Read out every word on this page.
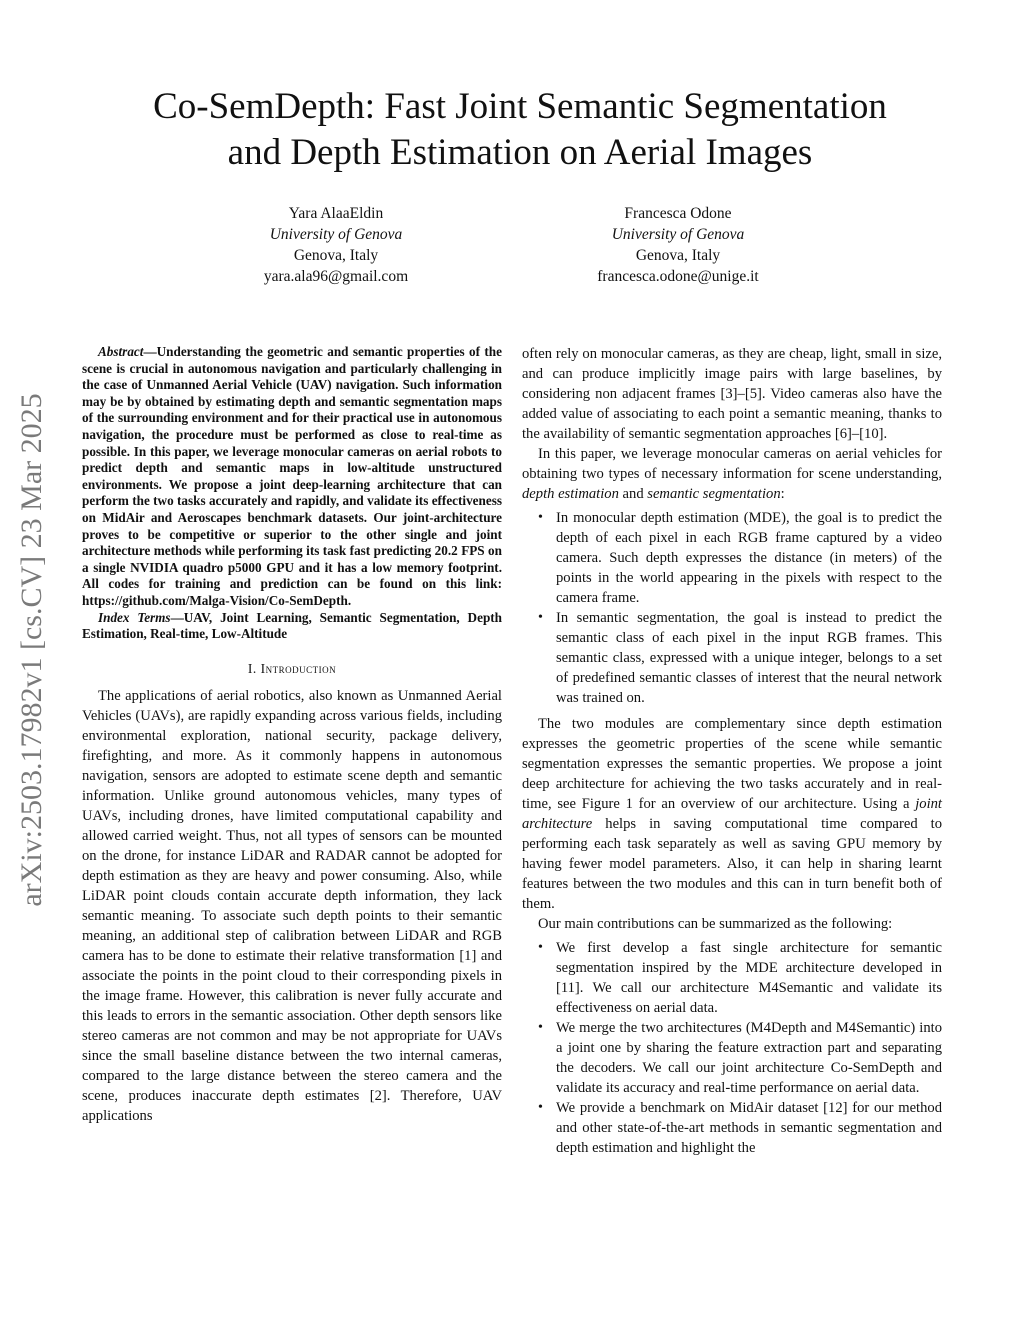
Co-SemDepth: Fast Joint Semantic Segmentation
and Depth Estimation on Aerial Images
Yara AlaaEldin
University of Genova
Genova, Italy
yara.ala96@gmail.com
Francesca Odone
University of Genova
Genova, Italy
francesca.odone@unige.it
arXiv:2503.17982v1 [cs.CV] 23 Mar 2025

Abstract—Understanding the geometric and semantic properties of the scene is crucial in autonomous navigation and particularly challenging in the case of Unmanned Aerial Vehicle (UAV) navigation. Such information may be by obtained by estimating depth and semantic segmentation maps of the surrounding environment and for their practical use in autonomous navigation, the procedure must be performed as close to real-time as possible. In this paper, we leverage monocular cameras on aerial robots to predict depth and semantic maps in low-altitude unstructured environments. We propose a joint deep-learning architecture that can perform the two tasks accurately and rapidly, and validate its effectiveness on MidAir and Aeroscapes benchmark datasets. Our joint-architecture proves to be competitive or superior to the other single and joint architecture methods while performing its task fast predicting 20.2 FPS on a single NVIDIA quadro p5000 GPU and it has a low memory footprint. All codes for training and prediction can be found on this link: https://github.com/Malga-Vision/Co-SemDepth.

Index Terms—UAV, Joint Learning, Semantic Segmentation, Depth Estimation, Real-time, Low-Altitude

I. Introduction

The applications of aerial robotics, also known as Unmanned Aerial Vehicles (UAVs), are rapidly expanding across various fields, including environmental exploration, national security, package delivery, firefighting, and more. As it commonly happens in autonomous navigation, sensors are adopted to estimate scene depth and semantic information. Unlike ground autonomous vehicles, many types of UAVs, including drones, have limited computational capability and allowed carried weight. Thus, not all types of sensors can be mounted on the drone, for instance LiDAR and RADAR cannot be adopted for depth estimation as they are heavy and power consuming. Also, while LiDAR point clouds contain accurate depth information, they lack semantic meaning. To associate such depth points to their semantic meaning, an additional step of calibration between LiDAR and RGB camera has to be done to estimate their relative transformation [1] and associate the points in the point cloud to their corresponding pixels in the image frame. However, this calibration is never fully accurate and this leads to errors in the semantic association. Other depth sensors like stereo cameras are not common and may be not appropriate for UAVs since the small baseline distance between the two internal cameras, compared to the large distance between the stereo camera and the scene, produces inaccurate depth estimates [2]. Therefore, UAV applications

often rely on monocular cameras, as they are cheap, light, small in size, and can produce implicitly image pairs with large baselines, by considering non adjacent frames [3]–[5]. Video cameras also have the added value of associating to each point a semantic meaning, thanks to the availability of semantic segmentation approaches [6]–[10].

In this paper, we leverage monocular cameras on aerial vehicles for obtaining two types of necessary information for scene understanding, depth estimation and semantic segmentation:

• In monocular depth estimation (MDE), the goal is to predict the depth of each pixel in each RGB frame captured by a video camera. Such depth expresses the distance (in meters) of the points in the world appearing in the pixels with respect to the camera frame.
• In semantic segmentation, the goal is instead to predict the semantic class of each pixel in the input RGB frames. This semantic class, expressed with a unique integer, belongs to a set of predefined semantic classes of interest that the neural network was trained on.

The two modules are complementary since depth estimation expresses the geometric properties of the scene while semantic segmentation expresses the semantic properties. We propose a joint deep architecture for achieving the two tasks accurately and in real-time, see Figure 1 for an overview of our architecture. Using a joint architecture helps in saving computational time compared to performing each task separately as well as saving GPU memory by having fewer model parameters. Also, it can help in sharing learnt features between the two modules and this can in turn benefit both of them.

Our main contributions can be summarized as the following:

• We first develop a fast single architecture for semantic segmentation inspired by the MDE architecture developed in [11]. We call our architecture M4Semantic and validate its effectiveness on aerial data.
• We merge the two architectures (M4Depth and M4Semantic) into a joint one by sharing the feature extraction part and separating the decoders. We call our joint architecture Co-SemDepth and validate its accuracy and real-time performance on aerial data.
• We provide a benchmark on MidAir dataset [12] for our method and other state-of-the-art methods in semantic segmentation and depth estimation and highlight the
